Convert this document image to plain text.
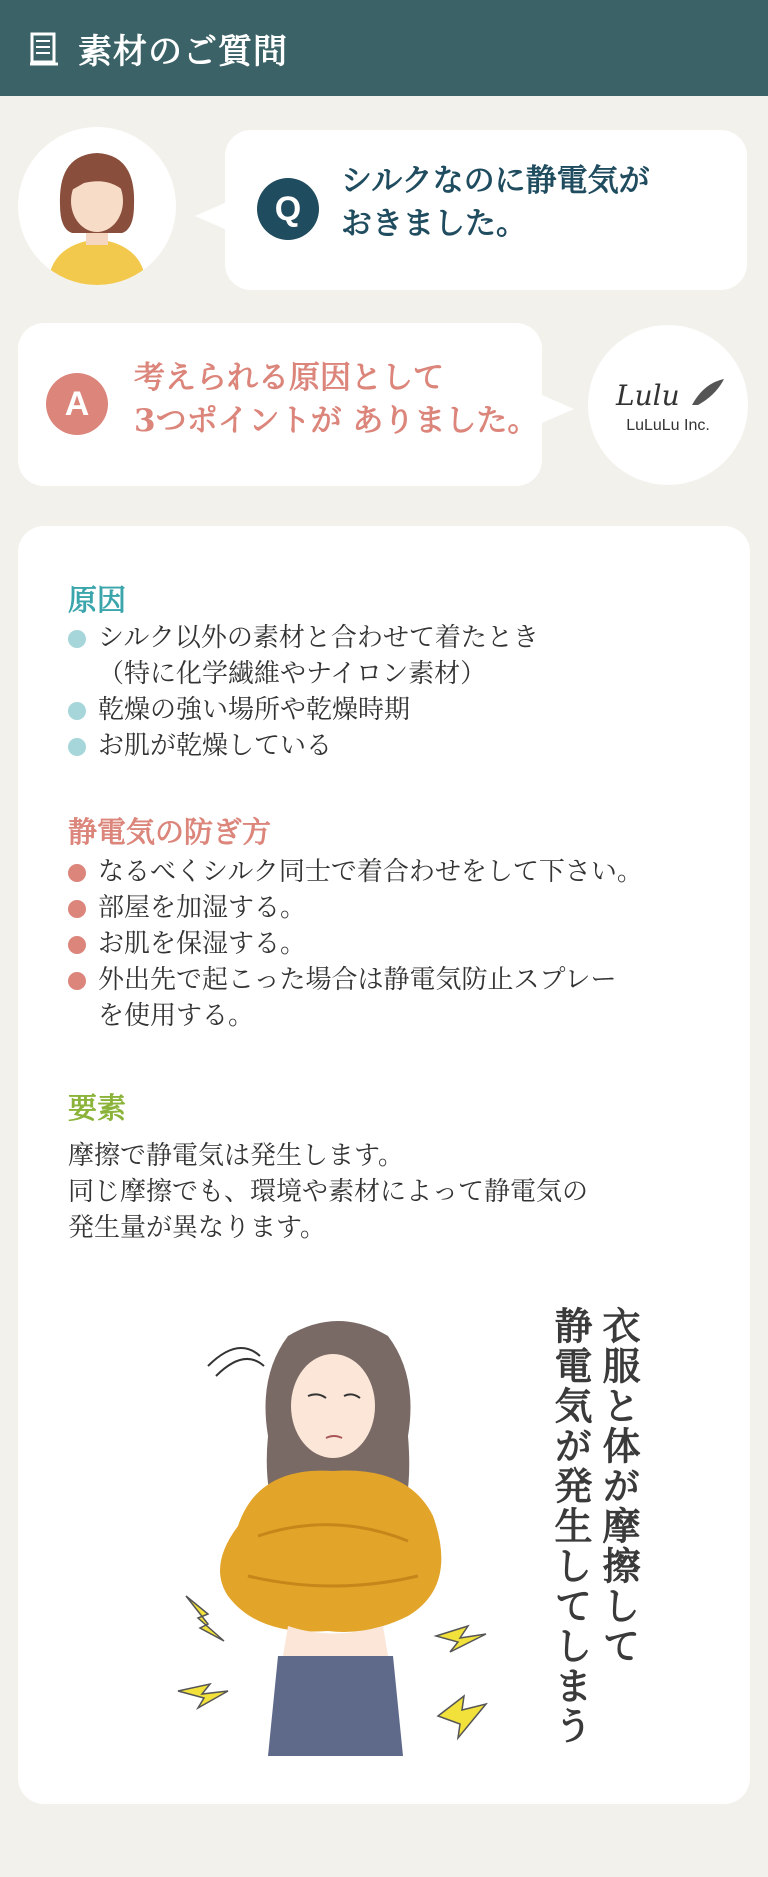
素材のご質問
Q
シルクなのに静電気が
おきました。
A
考えられる原因として
3つポイントが ありました。
Lulu
LuLuLu Inc.
原因
シルク以外の素材と合わせて着たとき
（特に化学繊維やナイロン素材）
乾燥の強い場所や乾燥時期
お肌が乾燥している
静電気の防ぎ方
なるべくシルク同士で着合わせをして下さい。
部屋を加湿する。
お肌を保湿する。
外出先で起こった場合は静電気防止スプレー
を使用する。
要素
摩擦で静電気は発生します。
同じ摩擦でも、環境や素材によって静電気の
発生量が異なります。
衣服と体が摩擦して
静電気が発生してしまう
